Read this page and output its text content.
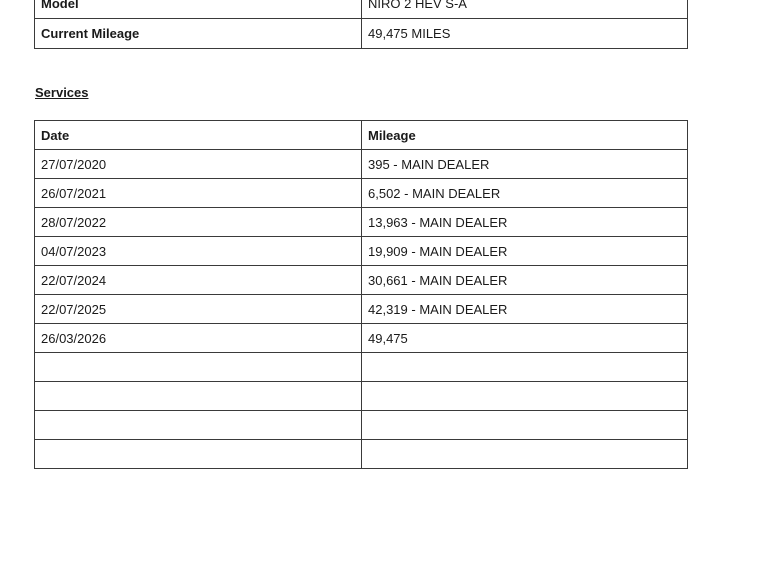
Model	NIRO 2 HEV S-A
Current Mileage	49,475 MILES

Services

Date	Mileage
27/07/2020	395 - MAIN DEALER
26/07/2021	6,502 - MAIN DEALER
28/07/2022	13,963 - MAIN DEALER
04/07/2023	19,909 - MAIN DEALER
22/07/2024	30,661 - MAIN DEALER
22/07/2025	42,319 - MAIN DEALER
26/03/2026	49,475
